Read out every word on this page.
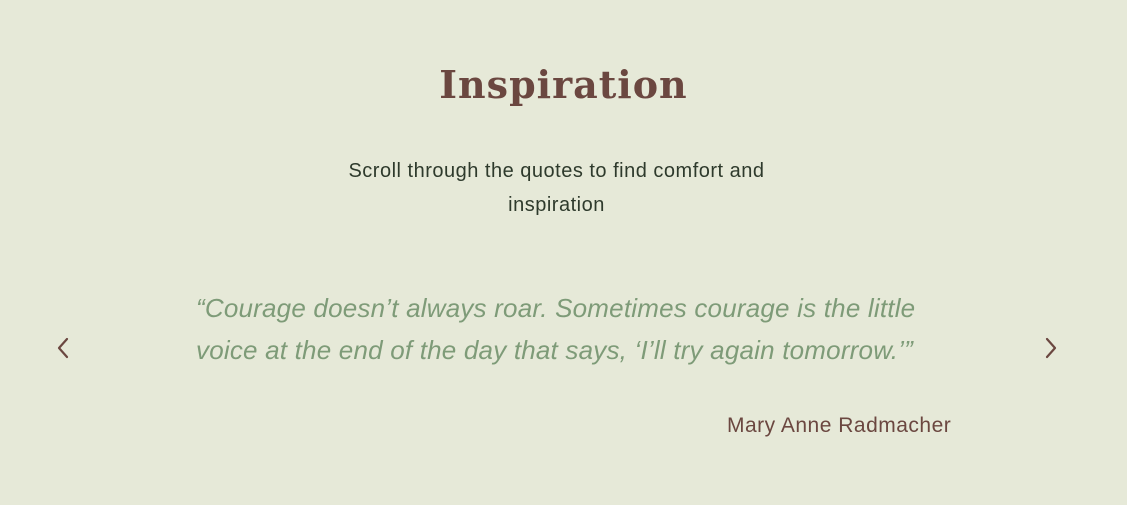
Inspiration

Scroll through the quotes to find comfort and inspiration

“Courage doesn’t always roar. Sometimes courage is the little voice at the end of the day that says, ‘I’ll try again tomorrow.’”

Mary Anne Radmacher
